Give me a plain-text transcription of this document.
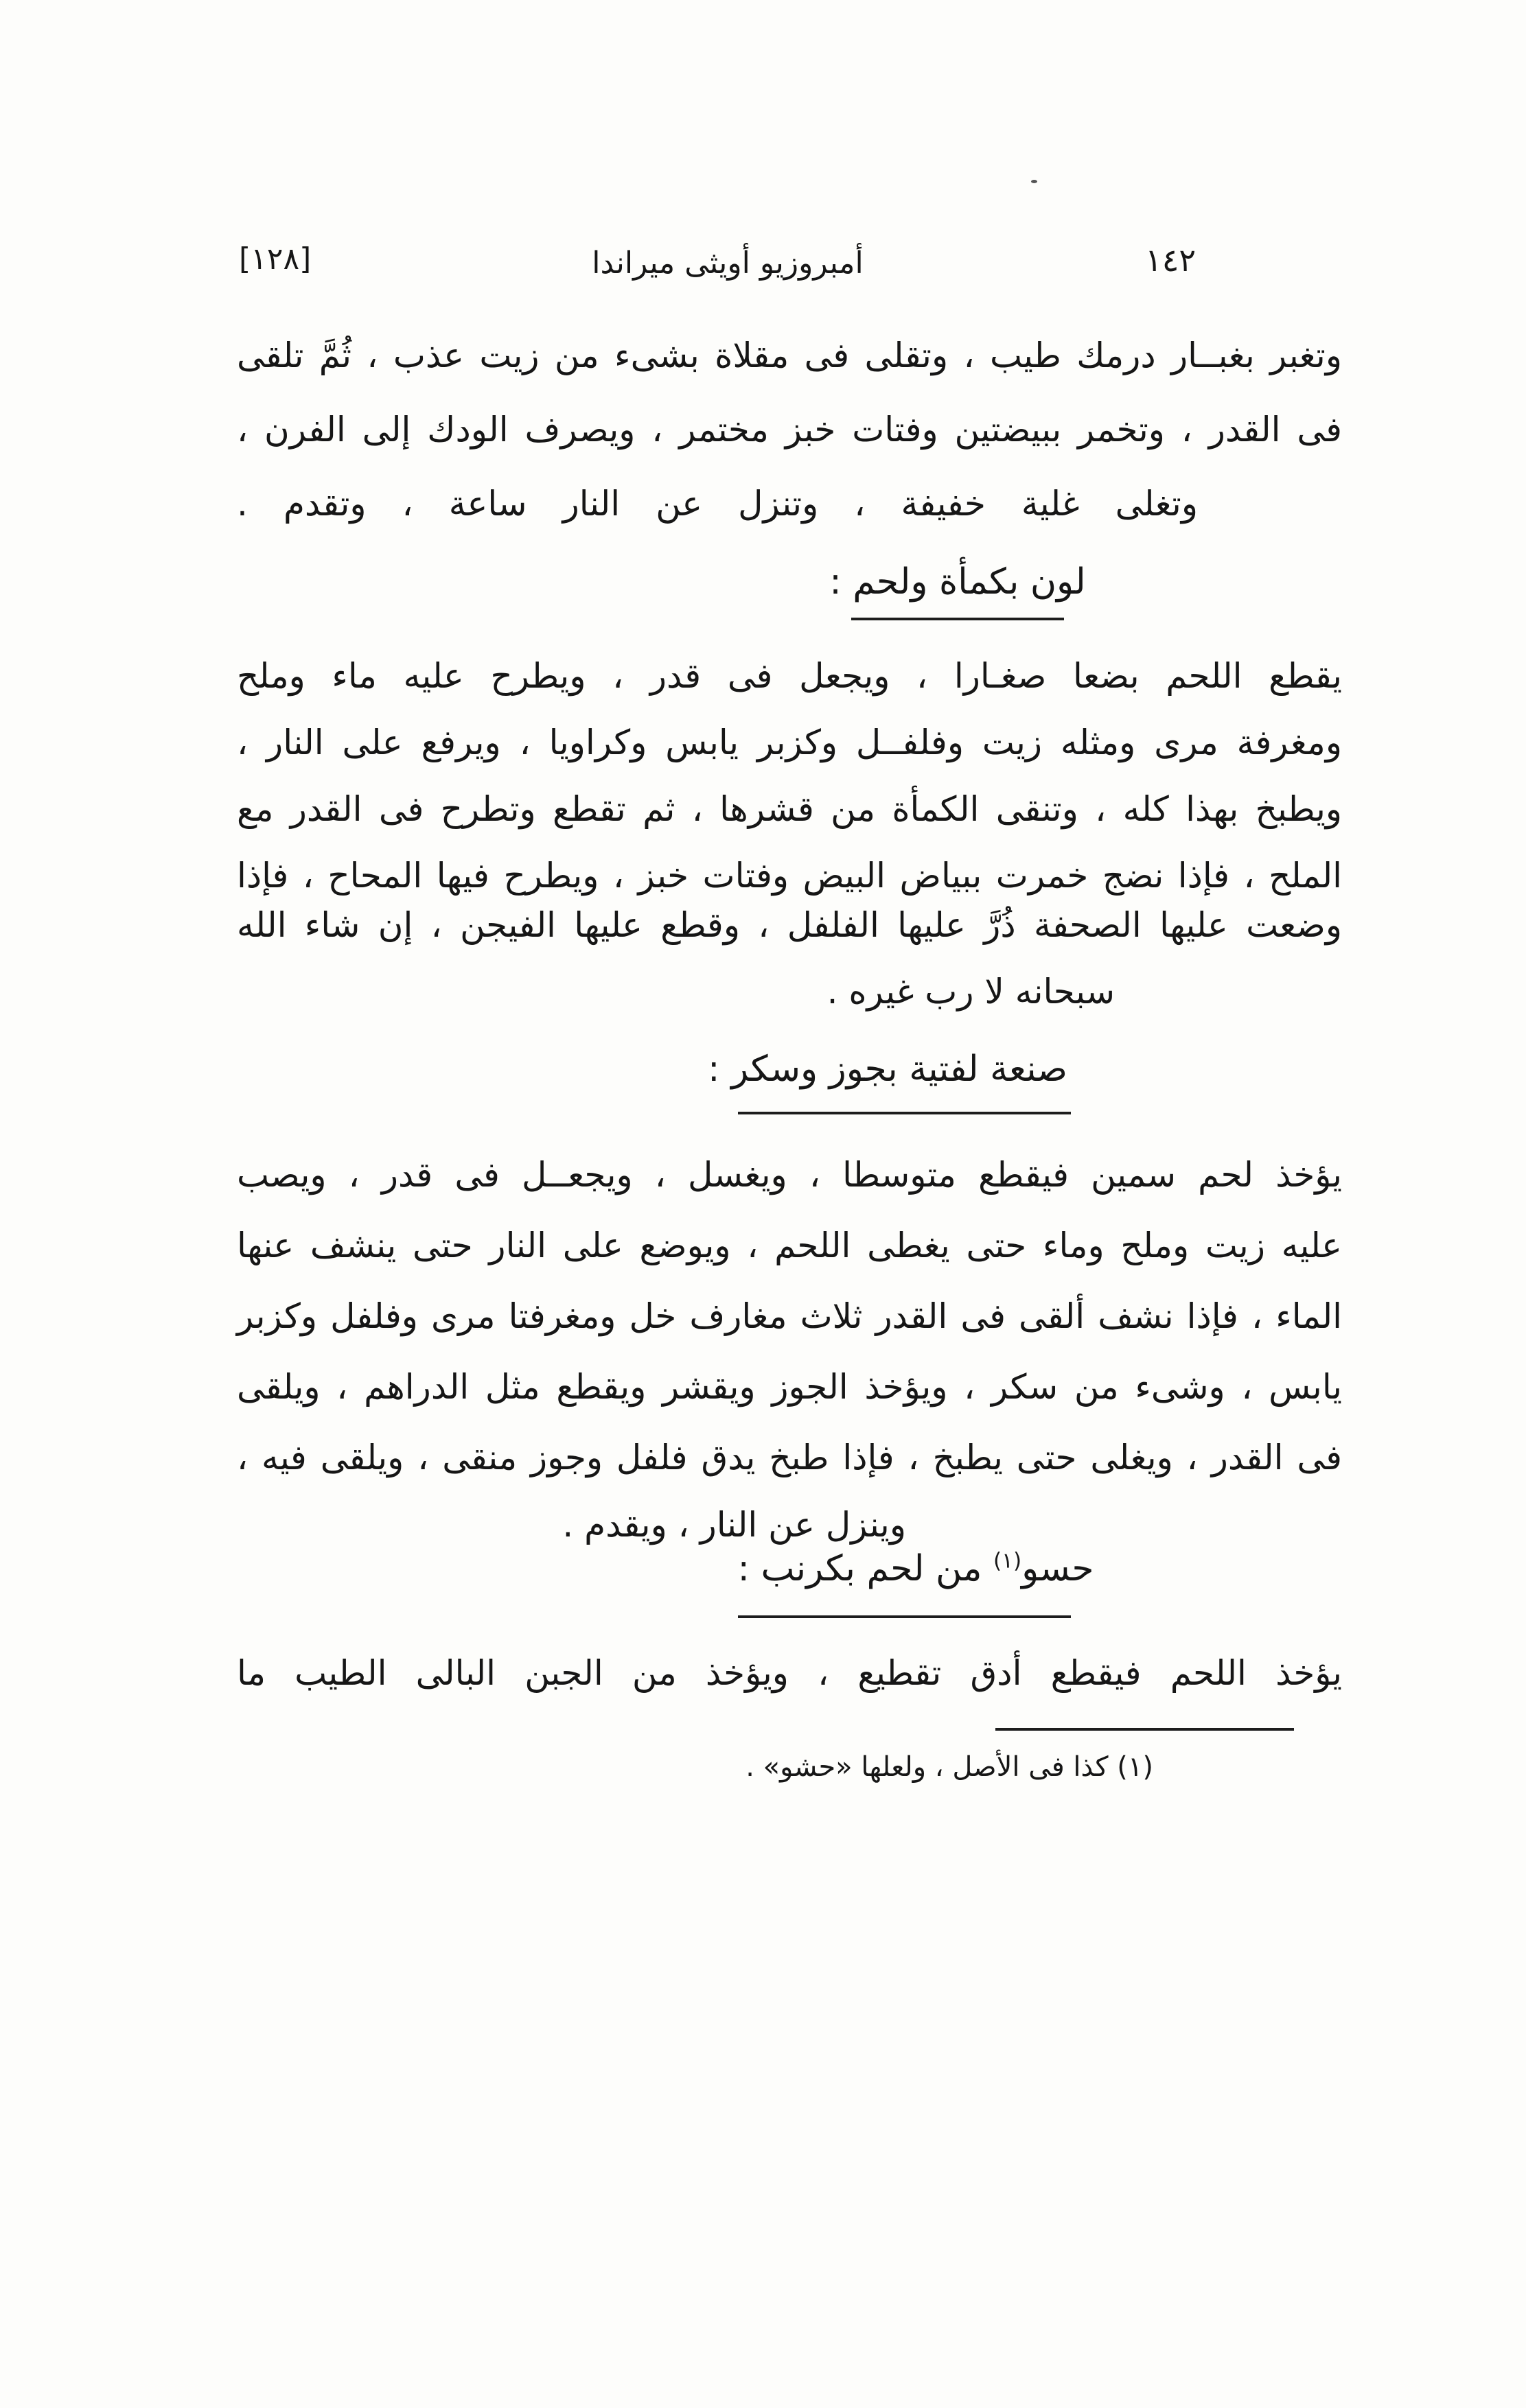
[١٢٨]	أمبروزيو أويثى ميراندا	١٤٢
وتغبر بغبــار درمك طيب ، وتقلى فى مقلاة بشىء من زيت عذب ، ثُمَّ تلقى
فى القدر ، وتخمر ببيضتين وفتات خبز مختمر ، ويصرف الودك إلى الفرن ،
وتغلى غلية خفيفة ، وتنزل عن النار ساعة ، وتقدم .
لون بكمأة ولحم :
يقطع اللحم بضعا صغـارا ، ويجعل فى قدر ، ويطرح عليه ماء وملح
ومغرفة مرى ومثله زيت وفلفــل وكزبر يابس وكراويا ، ويرفع على النار ،
ويطبخ بهذا كله ، وتنقى الكمأة من قشرها ، ثم تقطع وتطرح فى القدر مع
الملح ، فإذا نضج خمرت ببياض البيض وفتات خبز ، ويطرح فيها المحاح ، فإذا
وضعت عليها الصحفة ذُرَّ عليها الفلفل ، وقطع عليها الفيجن ، إن شاء الله
سبحانه لا رب غيره .
صنعة لفتية بجوز وسكر :
يؤخذ لحم سمين فيقطع متوسطا ، ويغسل ، ويجعــل فى قدر ، ويصب
عليه زيت وملح وماء حتى يغطى اللحم ، ويوضع على النار حتى ينشف عنها
الماء ، فإذا نشف ألقى فى القدر ثلاث مغارف خل ومغرفتا مرى وفلفل وكزبر
يابس ، وشىء من سكر ، ويؤخذ الجوز ويقشر ويقطع مثل الدراهم ، ويلقى
فى القدر ، ويغلى حتى يطبخ ، فإذا طبخ يدق فلفل وجوز منقى ، ويلقى فيه ،
وينزل عن النار ، ويقدم .
حسو$^{(١)}$ من لحم بكرنب :
يؤخذ اللحم فيقطع أدق تقطيع ، ويؤخذ من الجبن البالى الطيب ما
(١) كذا فى الأصل ، ولعلها «حشو» .
